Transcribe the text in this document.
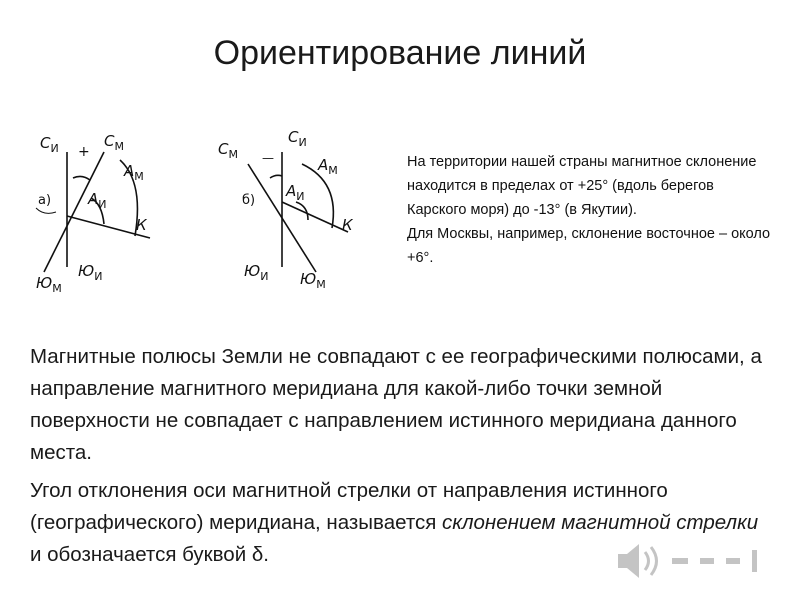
Ориентирование линий
$С_И$	$С_М$
+
$А_М$
а) $А_И$
К
$Ю_М$
$Ю_И$
$С_М$ —
$С_И$
$А_М$
б)
$А_И$
К
$Ю_И$ $Ю_М$

На территории нашей страны магнитное склонение находится в пределах от +25° (вдоль берегов Карского моря) до -13° (в Якутии).

Для Москвы, например, склонение восточное – около +6°.

Магнитные полюсы Земли не совпадают с ее географическими полюсами, а направление магнитного меридиана для какой-либо точки земной поверхности не совпадает с направлением истинного меридиана данного места.

Угол отклонения оси магнитной стрелки от направления истинного (географического) меридиана, называется склонением магнитной стрелки и обозначается буквой δ.
